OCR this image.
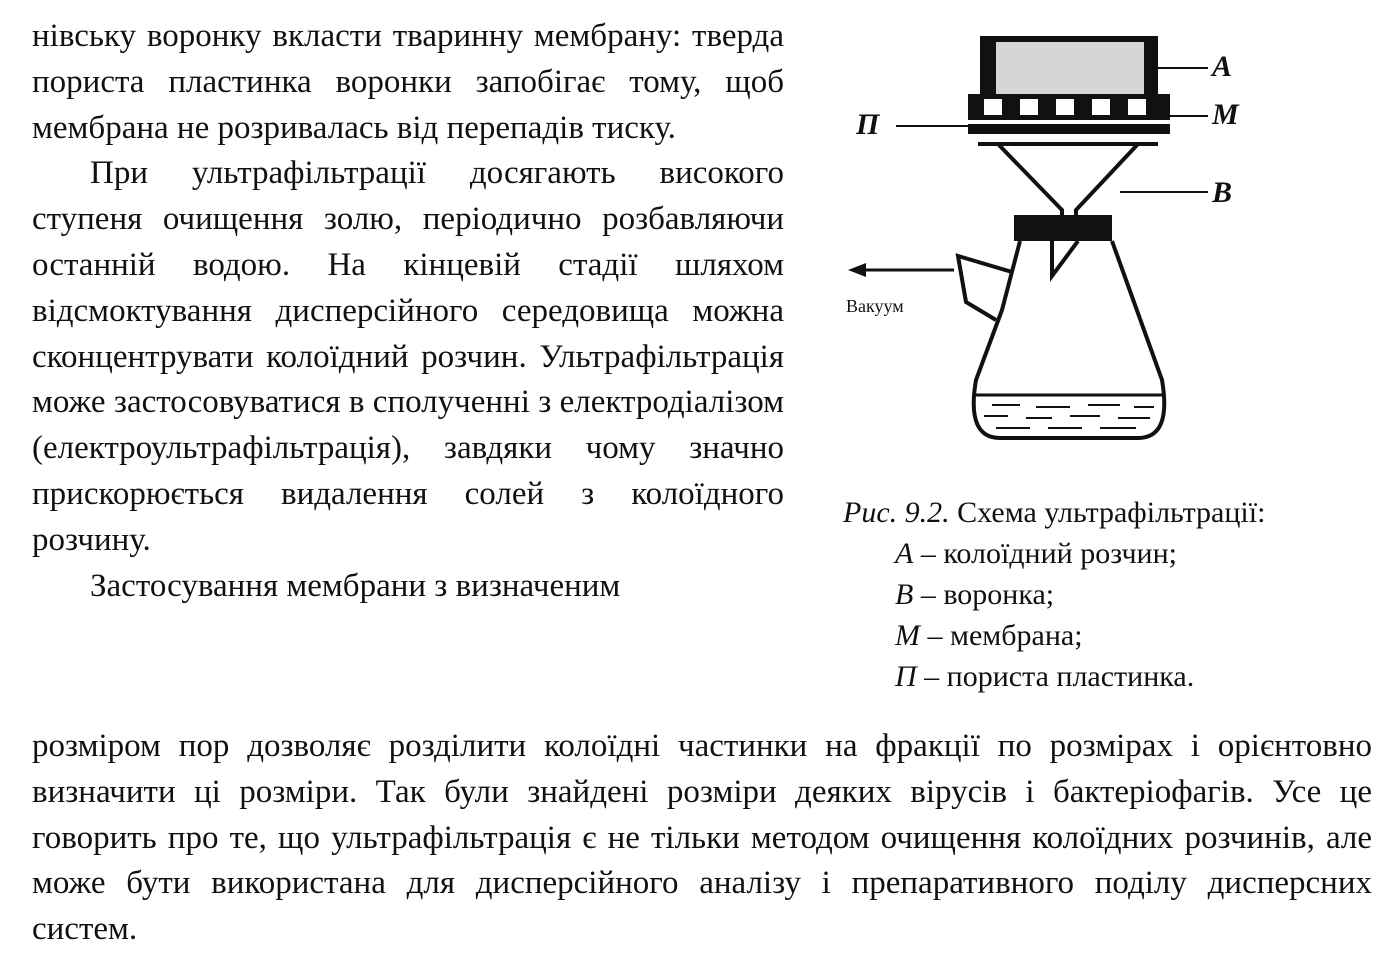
нівську воронку вкласти тваринну мембрану: тверда пориста пластинка воронки запобігає тому, щоб мембрана не розривалась від перепадів тиску.

При ультрафільтрації досягають високого ступеня очищення золю, періодично розбавляючи останній водою. На кінцевій стадії шляхом відсмоктування дисперсійного середовища можна сконцентрувати колоїдний розчин. Ультрафільтрація може застосовуватися в сполученні з електродіалізом (електроультрафільтрація), завдяки чому значно прискорюється видалення солей з колоїдного розчину.

Застосування мембрани з визначеним

розміром пор дозволяє розділити колоїдні частинки на фракції по розмірах і орієнтовно визначити ці розміри. Так були знайдені розміри деяких вірусів і бактеріофагів. Усе це говорить про те, що ультрафільтрація є не тільки методом очищення колоїдних розчинів, але може бути використана для дисперсійного аналізу і препаративного поділу дисперсних систем.

А
М
П
В
Вакуум

Рис. 9.2. Схема ультрафільтрації:

А – колоїдний розчин;
В – воронка;
М – мембрана;
П – пориста пластинка.
